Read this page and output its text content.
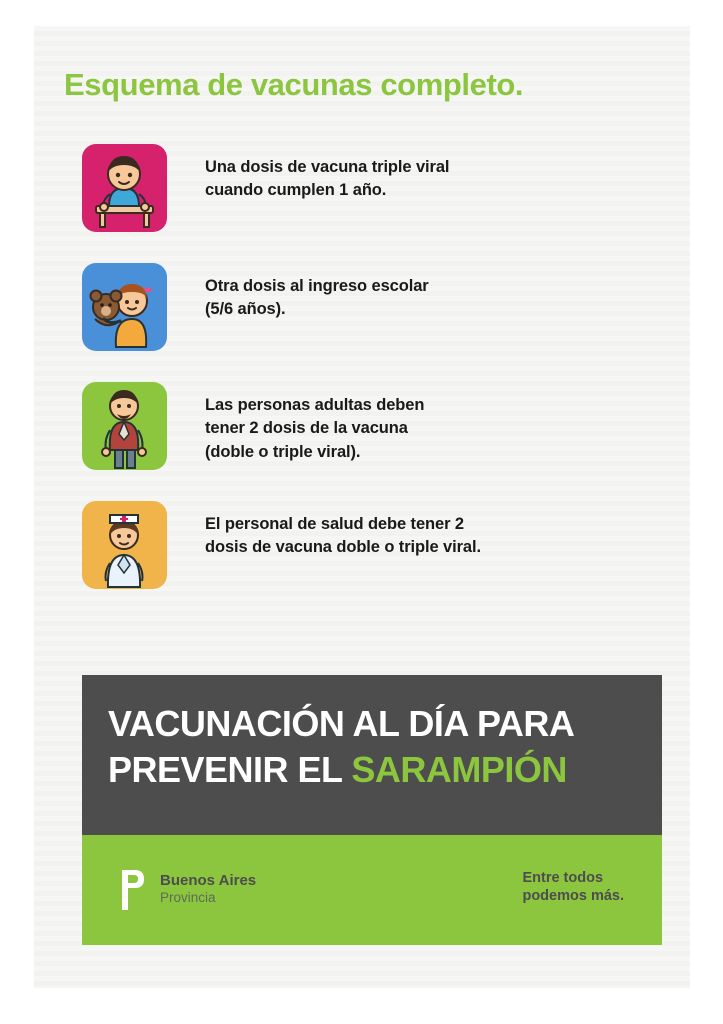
Esquema de vacunas completo.
Una dosis de vacuna triple viral
cuando cumplen 1 año.
Otra dosis al ingreso escolar
(5/6 años).
Las personas adultas deben
tener 2 dosis de la vacuna
(doble o triple viral).
El personal de salud debe tener 2
dosis de vacuna doble o triple viral.
VACUNACIÓN AL DÍA PARA
PREVENIR EL SARAMPIÓN
Buenos Aires
Provincia
Entre todos
podemos más.
